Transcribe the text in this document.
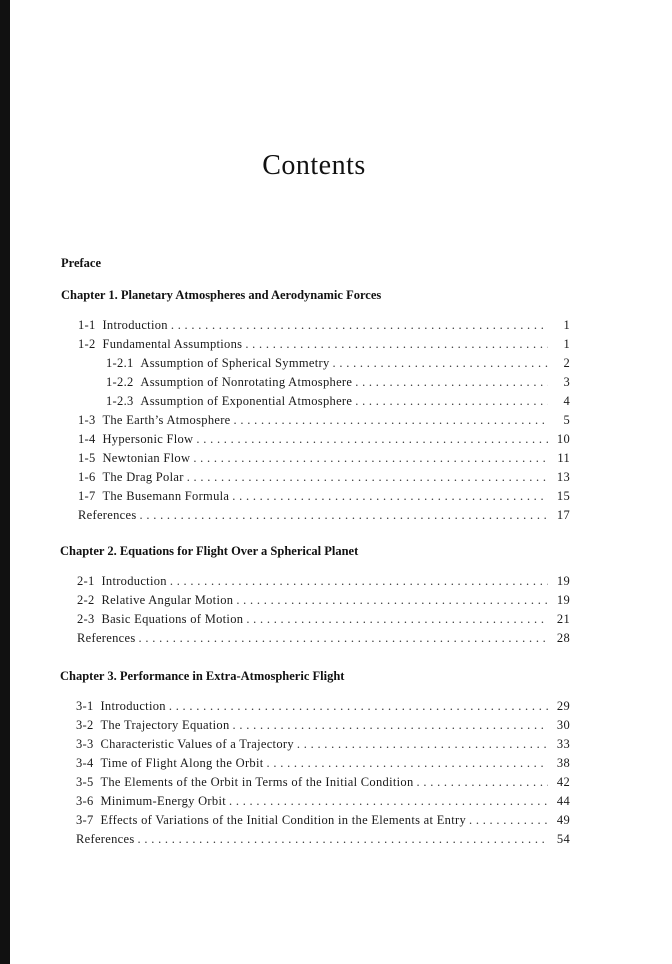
Contents
Preface
Chapter 1. Planetary Atmospheres and Aerodynamic Forces
1-1 Introduction . . .	1
1-2 Fundamental Assumptions . . .	1
1-2.1 Assumption of Spherical Symmetry . . .	2
1-2.2 Assumption of Nonrotating Atmosphere . . .	3
1-2.3 Assumption of Exponential Atmosphere . . .	4
1-3 The Earth’s Atmosphere . . .	5
1-4 Hypersonic Flow . . .	10
1-5 Newtonian Flow . . .	11
1-6 The Drag Polar . . .	13
1-7 The Busemann Formula . . .	15
References . . .	17
Chapter 2. Equations for Flight Over a Spherical Planet
2-1 Introduction . . .	19
2-2 Relative Angular Motion . . .	19
2-3 Basic Equations of Motion . . .	21
References . . .	28
Chapter 3. Performance in Extra-Atmospheric Flight
3-1 Introduction . . .	29
3-2 The Trajectory Equation . . .	30
3-3 Characteristic Values of a Trajectory . . .	33
3-4 Time of Flight Along the Orbit . . .	38
3-5 The Elements of the Orbit in Terms of the Initial Condition . . .	42
3-6 Minimum-Energy Orbit . . .	44
3-7 Effects of Variations of the Initial Condition in the Elements at Entry . . .	49
References . . .	54
